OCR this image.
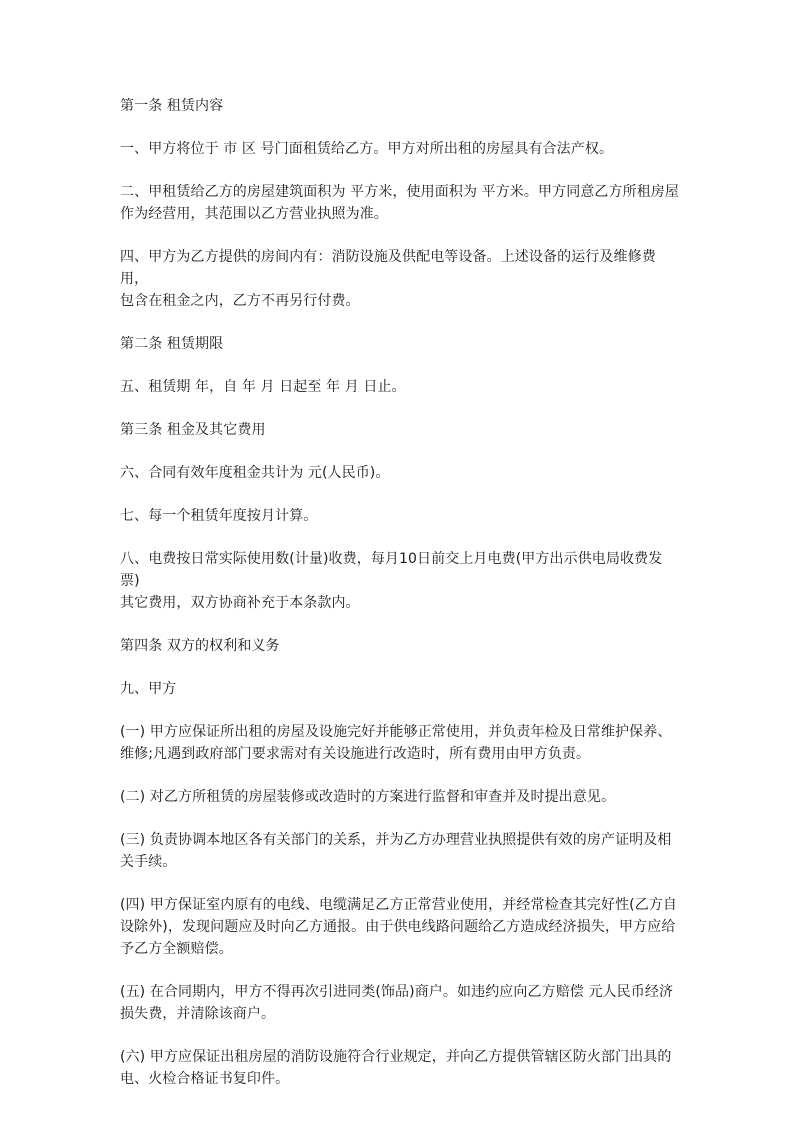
第一条 租赁内容

一、甲方将位于 市 区 号门面租赁给乙方。甲方对所出租的房屋具有合法产权。

二、甲租赁给乙方的房屋建筑面积为 平方米，使用面积为 平方米。甲方同意乙方所租房屋
作为经营用，其范围以乙方营业执照为准。

四、甲方为乙方提供的房间内有：消防设施及供配电等设备。上述设备的运行及维修费用，
包含在租金之内，乙方不再另行付费。

第二条 租赁期限

五、租赁期 年，自 年 月 日起至 年 月 日止。

第三条 租金及其它费用

六、合同有效年度租金共计为 元(人民币)。

七、每一个租赁年度按月计算。

八、电费按日常实际使用数(计量)收费，每月10日前交上月电费(甲方出示供电局收费发票)
其它费用，双方协商补充于本条款内。

第四条 双方的权利和义务

九、甲方

(一) 甲方应保证所出租的房屋及设施完好并能够正常使用，并负责年检及日常维护保养、
维修;凡遇到政府部门要求需对有关设施进行改造时，所有费用由甲方负责。

(二) 对乙方所租赁的房屋装修或改造时的方案进行监督和审查并及时提出意见。

(三) 负责协调本地区各有关部门的关系，并为乙方办理营业执照提供有效的房产证明及相
关手续。

(四) 甲方保证室内原有的电线、电缆满足乙方正常营业使用，并经常检查其完好性(乙方自
设除外)，发现问题应及时向乙方通报。由于供电线路问题给乙方造成经济损失，甲方应给
予乙方全额赔偿。

(五) 在合同期内，甲方不得再次引进同类(饰品)商户。如违约应向乙方赔偿 元人民币经济
损失费，并清除该商户。

(六) 甲方应保证出租房屋的消防设施符合行业规定，并向乙方提供管辖区防火部门出具的
电、火检合格证书复印件。
